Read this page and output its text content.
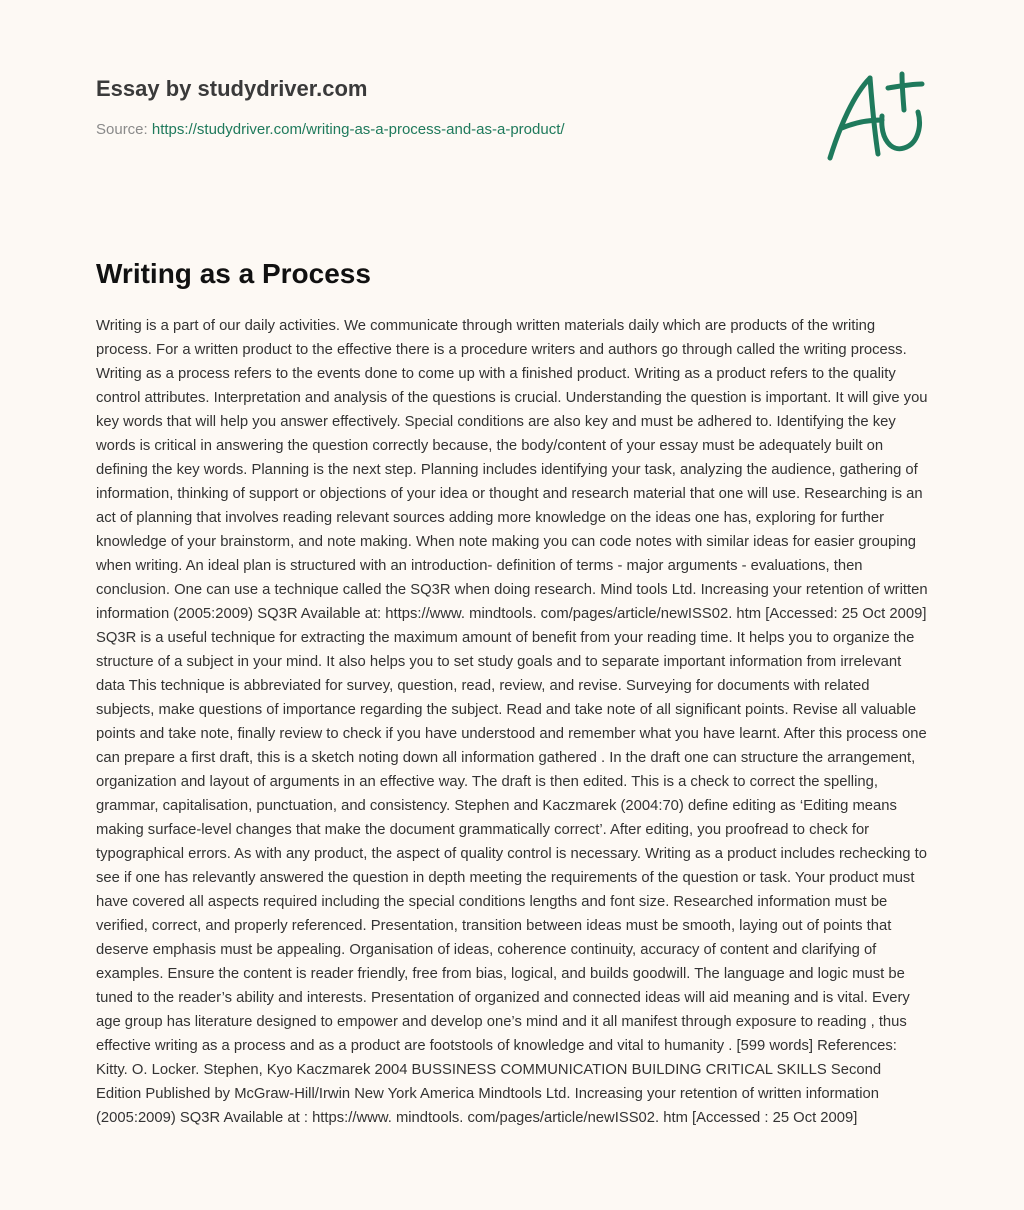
Essay by studydriver.com
Source: https://studydriver.com/writing-as-a-process-and-as-a-product/
Writing as a Process

Writing is a part of our daily activities. We communicate through written materials daily which are products of the writing process. For a written product to the effective there is a procedure writers and authors go through called the writing process. Writing as a process refers to the events done to come up with a finished product. Writing as a product refers to the quality control attributes. Interpretation and analysis of the questions is crucial. Understanding the question is important. It will give you key words that will help you answer effectively. Special conditions are also key and must be adhered to. Identifying the key words is critical in answering the question correctly because, the body/content of your essay must be adequately built on defining the key words. Planning is the next step. Planning includes identifying your task, analyzing the audience, gathering of information, thinking of support or objections of your idea or thought and research material that one will use. Researching is an act of planning that involves reading relevant sources adding more knowledge on the ideas one has, exploring for further knowledge of your brainstorm, and note making. When note making you can code notes with similar ideas for easier grouping when writing. An ideal plan is structured with an introduction- definition of terms - major arguments - evaluations, then conclusion. One can use a technique called the SQ3R when doing research. Mind tools Ltd. Increasing your retention of written information (2005:2009) SQ3R Available at: https://www. mindtools. com/pages/article/newISS02. htm [Accessed: 25 Oct 2009] SQ3R is a useful technique for extracting the maximum amount of benefit from your reading time. It helps you to organize the structure of a subject in your mind. It also helps you to set study goals and to separate important information from irrelevant data This technique is abbreviated for survey, question, read, review, and revise. Surveying for documents with related subjects, make questions of importance regarding the subject. Read and take note of all significant points. Revise all valuable points and take note, finally review to check if you have understood and remember what you have learnt. After this process one can prepare a first draft, this is a sketch noting down all information gathered . In the draft one can structure the arrangement, organization and layout of arguments in an effective way. The draft is then edited. This is a check to correct the spelling, grammar, capitalisation, punctuation, and consistency. Stephen and Kaczmarek (2004:70) define editing as ‘Editing means making surface-level changes that make the document grammatically correct’. After editing, you proofread to check for typographical errors. As with any product, the aspect of quality control is necessary. Writing as a product includes rechecking to see if one has relevantly answered the question in depth meeting the requirements of the question or task. Your product must have covered all aspects required including the special conditions lengths and font size. Researched information must be verified, correct, and properly referenced. Presentation, transition between ideas must be smooth, laying out of points that deserve emphasis must be appealing. Organisation of ideas, coherence continuity, accuracy of content and clarifying of examples. Ensure the content is reader friendly, free from bias, logical, and builds goodwill. The language and logic must be tuned to the reader’s ability and interests. Presentation of organized and connected ideas will aid meaning and is vital. Every age group has literature designed to empower and develop one’s mind and it all manifest through exposure to reading , thus effective writing as a process and as a product are footstools of knowledge and vital to humanity . [599 words] References: Kitty. O. Locker. Stephen, Kyo Kaczmarek 2004 BUSSINESS COMMUNICATION BUILDING CRITICAL SKILLS Second Edition Published by McGraw-Hill/Irwin New York America Mindtools Ltd. Increasing your retention of written information (2005:2009) SQ3R Available at : https://www. mindtools. com/pages/article/newISS02. htm [Accessed : 25 Oct 2009]
